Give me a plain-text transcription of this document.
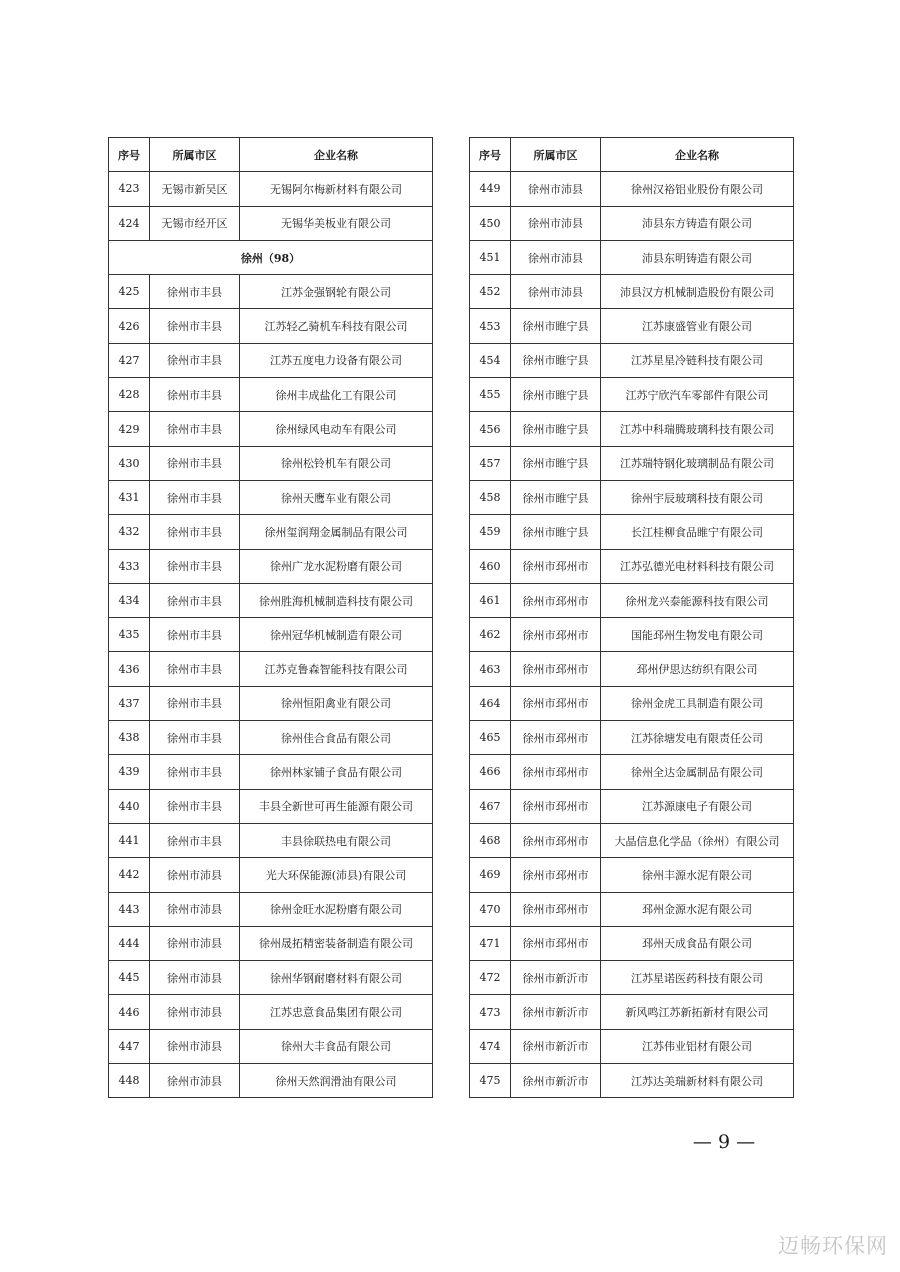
序号	所属市区	企业名称
423	无锡市新吴区	无锡阿尔梅新材料有限公司
424	无锡市经开区	无锡华美板业有限公司
徐州（98）		
425	徐州市丰县	江苏金强钢轮有限公司
426	徐州市丰县	江苏轻乙骑机车科技有限公司
427	徐州市丰县	江苏五度电力设备有限公司
428	徐州市丰县	徐州丰成盐化工有限公司
429	徐州市丰县	徐州绿风电动车有限公司
430	徐州市丰县	徐州松铃机车有限公司
431	徐州市丰县	徐州天鹰车业有限公司
432	徐州市丰县	徐州玺润翔金属制品有限公司
433	徐州市丰县	徐州广龙水泥粉磨有限公司
434	徐州市丰县	徐州胜海机械制造科技有限公司
435	徐州市丰县	徐州冠华机械制造有限公司
436	徐州市丰县	江苏克鲁森智能科技有限公司
437	徐州市丰县	徐州恒阳禽业有限公司
438	徐州市丰县	徐州佳合食品有限公司
439	徐州市丰县	徐州林家铺子食品有限公司
440	徐州市丰县	丰县全新世可再生能源有限公司
441	徐州市丰县	丰县徐联热电有限公司
442	徐州市沛县	光大环保能源(沛县)有限公司
443	徐州市沛县	徐州金旺水泥粉磨有限公司
444	徐州市沛县	徐州晟拓精密装备制造有限公司
445	徐州市沛县	徐州华钢耐磨材料有限公司
446	徐州市沛县	江苏忠意食品集团有限公司
447	徐州市沛县	徐州大丰食品有限公司
448	徐州市沛县	徐州天然润滑油有限公司
序号	所属市区	企业名称
449	徐州市沛县	徐州汉裕铝业股份有限公司
450	徐州市沛县	沛县东方铸造有限公司
451	徐州市沛县	沛县东明铸造有限公司
452	徐州市沛县	沛县汉方机械制造股份有限公司
453	徐州市睢宁县	江苏康盛管业有限公司
454	徐州市睢宁县	江苏星星冷链科技有限公司
455	徐州市睢宁县	江苏宁欣汽车零部件有限公司
456	徐州市睢宁县	江苏中科瑞腾玻璃科技有限公司
457	徐州市睢宁县	江苏瑞特钢化玻璃制品有限公司
458	徐州市睢宁县	徐州宇辰玻璃科技有限公司
459	徐州市睢宁县	长江桂柳食品睢宁有限公司
460	徐州市邳州市	江苏弘德光电材料科技有限公司
461	徐州市邳州市	徐州龙兴泰能源科技有限公司
462	徐州市邳州市	国能邳州生物发电有限公司
463	徐州市邳州市	邳州伊思达纺织有限公司
464	徐州市邳州市	徐州金虎工具制造有限公司
465	徐州市邳州市	江苏徐塘发电有限责任公司
466	徐州市邳州市	徐州全达金属制品有限公司
467	徐州市邳州市	江苏源康电子有限公司
468	徐州市邳州市	大晶信息化学品（徐州）有限公司
469	徐州市邳州市	徐州丰源水泥有限公司
470	徐州市邳州市	邳州金源水泥有限公司
471	徐州市邳州市	邳州天成食品有限公司
472	徐州市新沂市	江苏星诺医药科技有限公司
473	徐州市新沂市	新风鸣江苏新拓新材有限公司
474	徐州市新沂市	江苏伟业铝材有限公司
475	徐州市新沂市	江苏达美瑞新材料有限公司
— 9 —
迈畅环保网
